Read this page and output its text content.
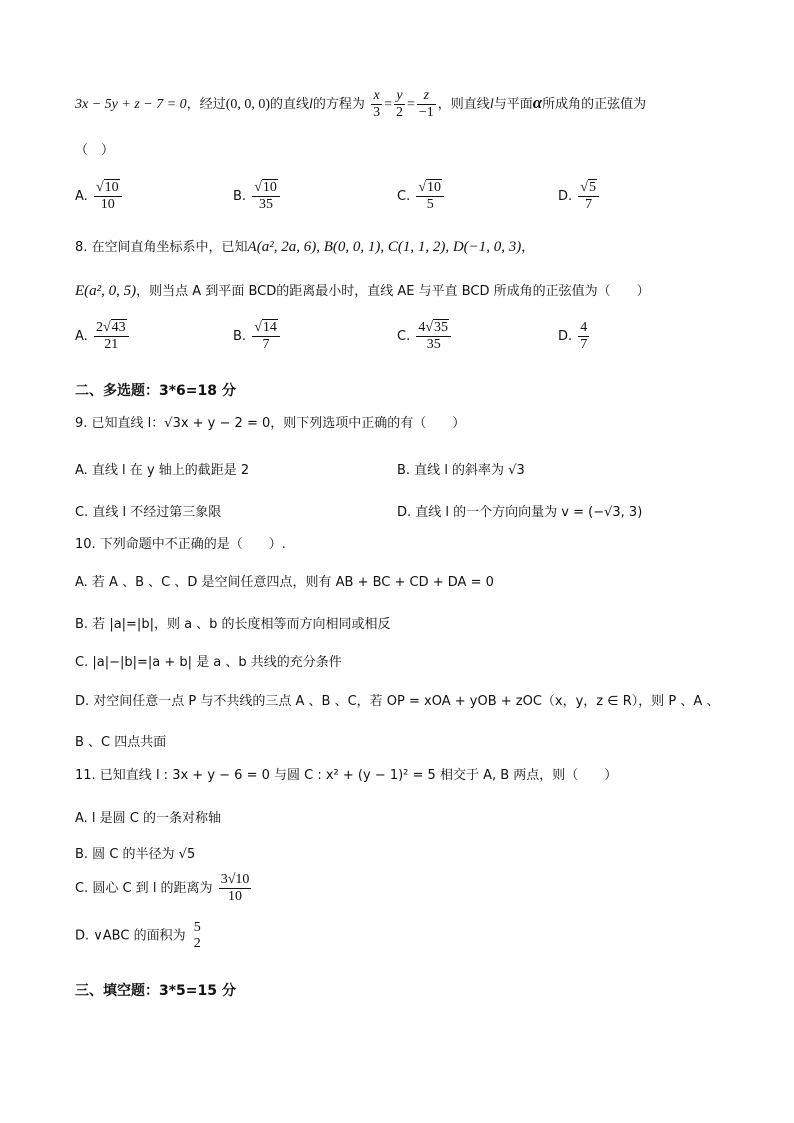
3x − 5y + z − 7 = 0，经过(0, 0, 0)的直线l的方程为 $\frac{x}{3} = \frac{y}{2} = \frac{z}{-1}$ ，则直线l与平面α所成角的正弦值为
（　）
A. $\frac{√10}{10}$	B. $\frac{√10}{35}$	C. $\frac{√10}{5}$	D. $\frac{√5}{7}$
8. 在空间直角坐标系中，已知A(a², 2a, 6), B(0, 0, 1), C(1, 1, 2), D(−1, 0, 3)，
E(a², 0, 5)，则当点 A 到平面 BCD的距离最小时，直线 AE 与平直 BCD 所成角的正弦值为（　　）
A. $\frac{2√43}{21}$	B. $\frac{√14}{7}$	C. $\frac{4√35}{35}$	D. $\frac{4}{7}$
二、多选题：3*6=18 分
9. 已知直线 l：√3x + y − 2 = 0，则下列选项中正确的有（　　）
A. 直线 l 在 y 轴上的截距是 2	B. 直线 l 的斜率为 √3
C. 直线 l 不经过第三象限	D. 直线 l 的一个方向向量为 v = (−√3, 3)
10. 下列命题中不正确的是（　　）.
A. 若 A 、B 、C 、D 是空间任意四点，则有 AB + BC + CD + DA = 0
B. 若 |a|=|b|，则 a 、b 的长度相等而方向相同或相反
C. |a|−|b|=|a + b| 是 a 、b 共线的充分条件
D. 对空间任意一点 P 与不共线的三点 A 、B 、C，若 OP = xOA + yOB + zOC（x，y，z ∈ R），则 P 、A 、
B 、C 四点共面
11. 已知直线 l : 3x + y − 6 = 0 与圆 C : x² + (y − 1)² = 5 相交于 A, B 两点，则（　　）
A. l 是圆 C 的一条对称轴
B. 圆 C 的半径为 √5
C. 圆心 C 到 l 的距离为 $\frac{3√10}{10}$
D. ∨ABC 的面积为
5
2
三、填空题：3*5=15 分
